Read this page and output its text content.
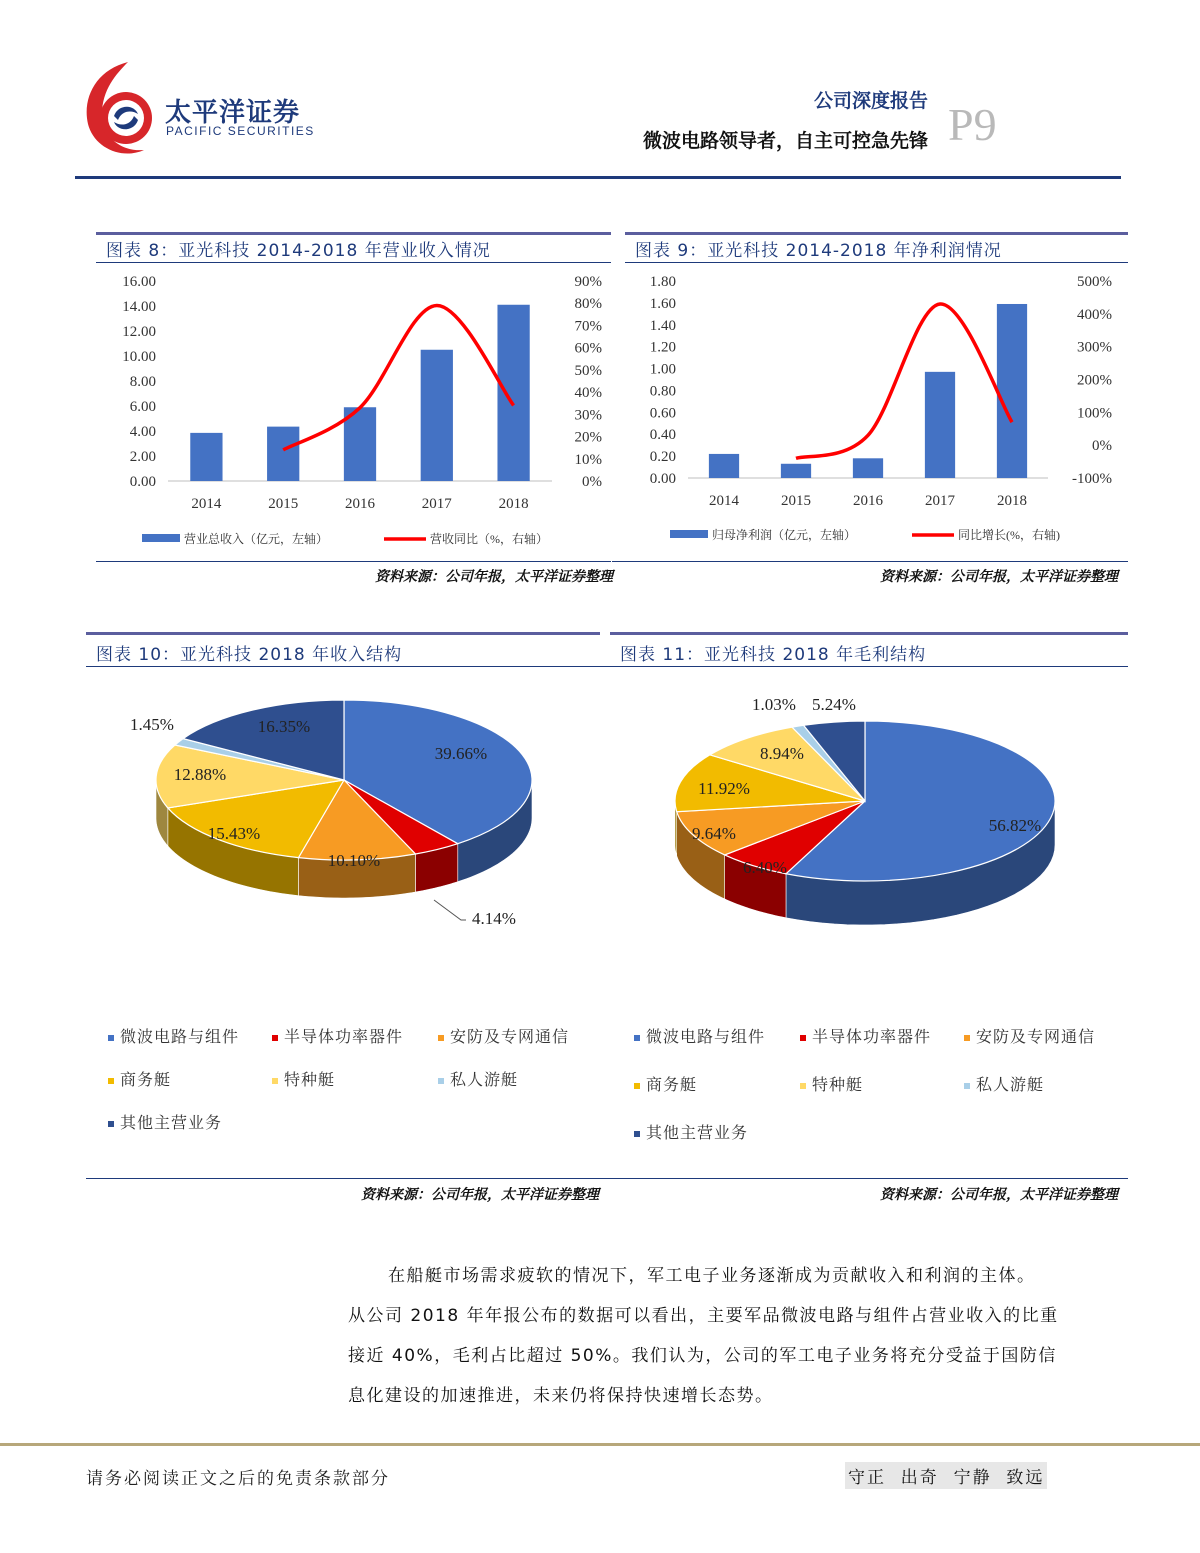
太平洋证券
PACIFIC SECURITIES
公司深度报告
微波电路领导者，自主可控急先锋 P9
图表 8：亚光科技 2014-2018 年营业收入情况
0.00
2.00
4.00
6.00
8.00
10.00
12.00
14.00
16.00
0%
10%
20%
30%
40%
50%
60%
70%
80%
90%
2014	2015	2016	2017	2018
营业总收入（亿元，左轴）	营收同比（%，右轴）
资料来源：公司年报，太平洋证券整理
图表 9：亚光科技 2014-2018 年净利润情况
0.00
0.20
0.40
0.60
0.80
1.00
1.20
1.40
1.60
1.80
-100%
0%
100%
200%
300%
400%
500%
2014	2015	2016	2017	2018
归母净利润（亿元，左轴）	同比增长(%，右轴)
资料来源：公司年报，太平洋证券整理
图表 10：亚光科技 2018 年收入结构
39.66%
4.14%
10.10%
15.43%
12.88%
1.45%	16.35%
图表 11：亚光科技 2018 年毛利结构
56.82%
6.40%
9.64%
11.92%
8.94%
1.03% 5.24%
微波电路与组件	半导体功率器件	安防及专网通信
商务艇	特种艇	私人游艇
其他主营业务
微波电路与组件	半导体功率器件	安防及专网通信
商务艇	特种艇	私人游艇
其他主营业务
资料来源：公司年报，太平洋证券整理	资料来源：公司年报，太平洋证券整理
在船艇市场需求疲软的情况下，军工电子业务逐渐成为贡献收入和利润的主体。
从公司 2018 年年报公布的数据可以看出，主要军品微波电路与组件占营业收入的比重
接近 40%，毛利占比超过 50%。我们认为，公司的军工电子业务将充分受益于国防信
息化建设的加速推进，未来仍将保持快速增长态势。
请务必阅读正文之后的免责条款部分	守正  出奇  宁静  致远
